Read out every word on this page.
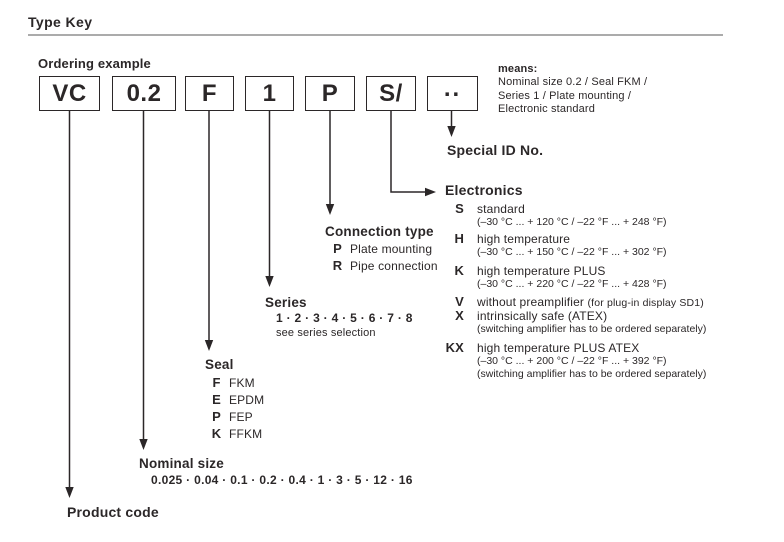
Type Key
Ordering example
VC 0.2 F 1 P S/ ..
means:
Nominal size 0.2 / Seal FKM /
Series 1 / Plate mounting /
Electronic standard
Special ID No.
Electronics
S standard
(–30 °C ... + 120 °C / –22 °F ... + 248 °F)
H high temperature
(–30 °C ... + 150 °C / –22 °F ... + 302 °F)
K high temperature PLUS
(–30 °C ... + 220 °C / –22 °F ... + 428 °F)
V without preamplifier (for plug-in display SD1)
X intrinsically safe (ATEX)
(switching amplifier has to be ordered separately)
KX high temperature PLUS ATEX
(–30 °C ... + 200 °C / –22 °F ... + 392 °F)
(switching amplifier has to be ordered separately)
Connection type
P Plate mounting
R Pipe connection
Series
1 · 2 · 3 · 4 · 5 · 6 · 7 · 8
see series selection
Seal
F FKM
E EPDM
P FEP
K FFKM
Nominal size
0.025 · 0.04 · 0.1 · 0.2 · 0.4 · 1 · 3 · 5 · 12 · 16
Product code
